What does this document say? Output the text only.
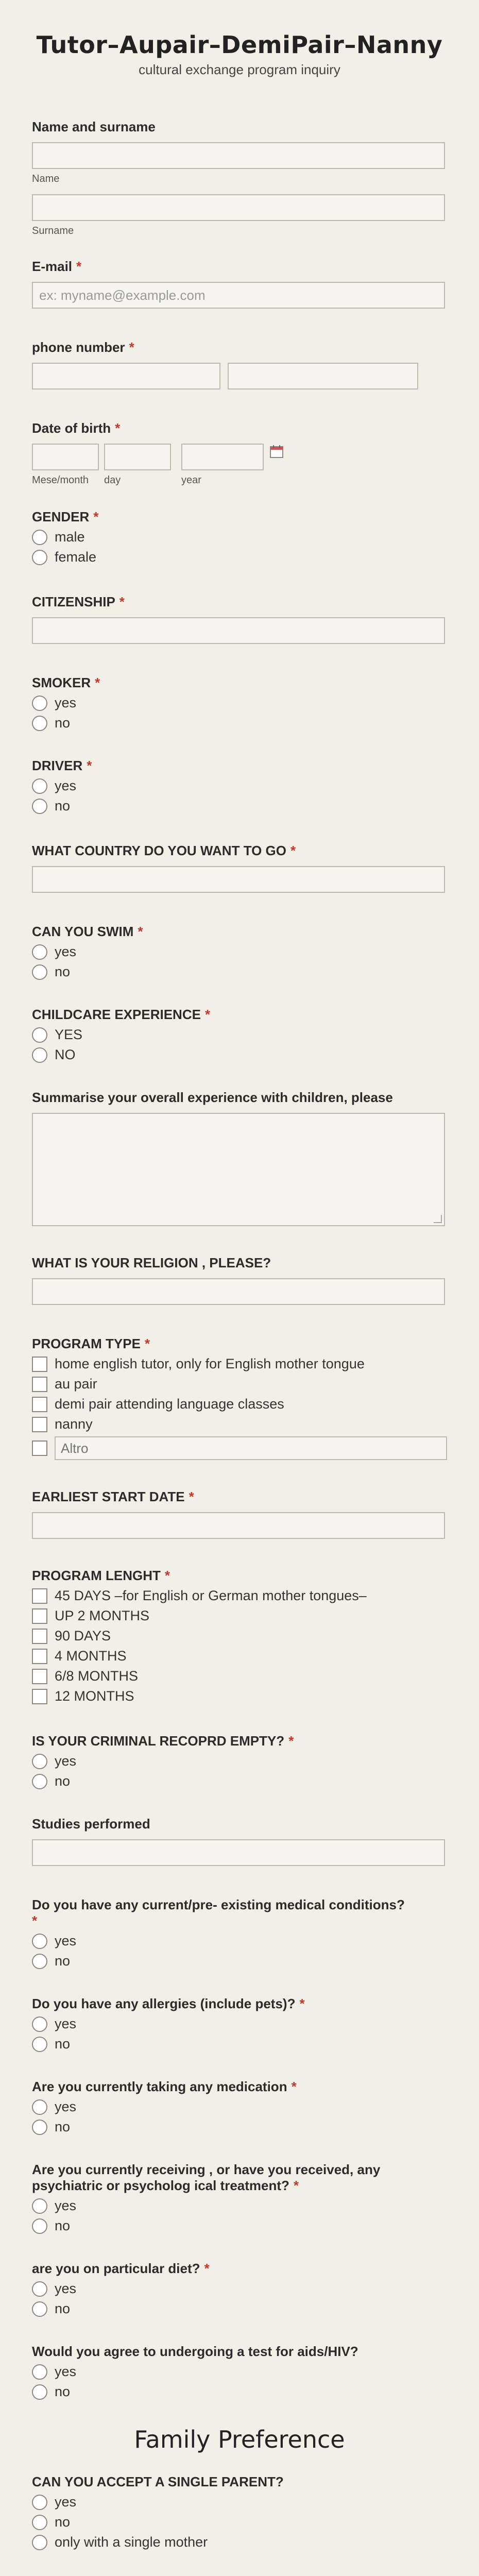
Tutor–Aupair–DemiPair–Nanny
cultural exchange program inquiry
Name and surname
Name
Surname
E-mail *
ex: myname@example.com
phone number *
Date of birth *
Mese/month	day	year
GENDER *
male
female
CITIZENSHIP *
SMOKER *
yes
no
DRIVER *
yes
no
WHAT COUNTRY DO YOU WANT TO GO *
CAN YOU SWIM *
yes
no
CHILDCARE EXPERIENCE *
YES
NO
Summarise your overall experience with children, please
WHAT IS YOUR RELIGION , PLEASE?
PROGRAM TYPE *
home english tutor, only for English mother tongue
au pair
demi pair attending language classes
nanny
Altro
EARLIEST START DATE *
PROGRAM LENGHT *
45 DAYS –for English or German mother tongues–
UP 2 MONTHS
90 DAYS
4 MONTHS
6/8 MONTHS
12 MONTHS
IS YOUR CRIMINAL RECOPRD EMPTY? *
yes
no
Studies performed
Do you have any current/pre- existing medical conditions?
*
yes
no
Do you have any allergies (include pets)? *
yes
no
Are you currently taking any medication *
yes
no
Are you currently receiving , or have you received, any psychiatric or psycholog ical treatment? *
yes
no
are you on particular diet? *
yes
no
Would you agree to undergoing a test for aids/HIV?
yes
no
Family Preference
CAN YOU ACCEPT A SINGLE PARENT?
yes
no
only with a single mother
